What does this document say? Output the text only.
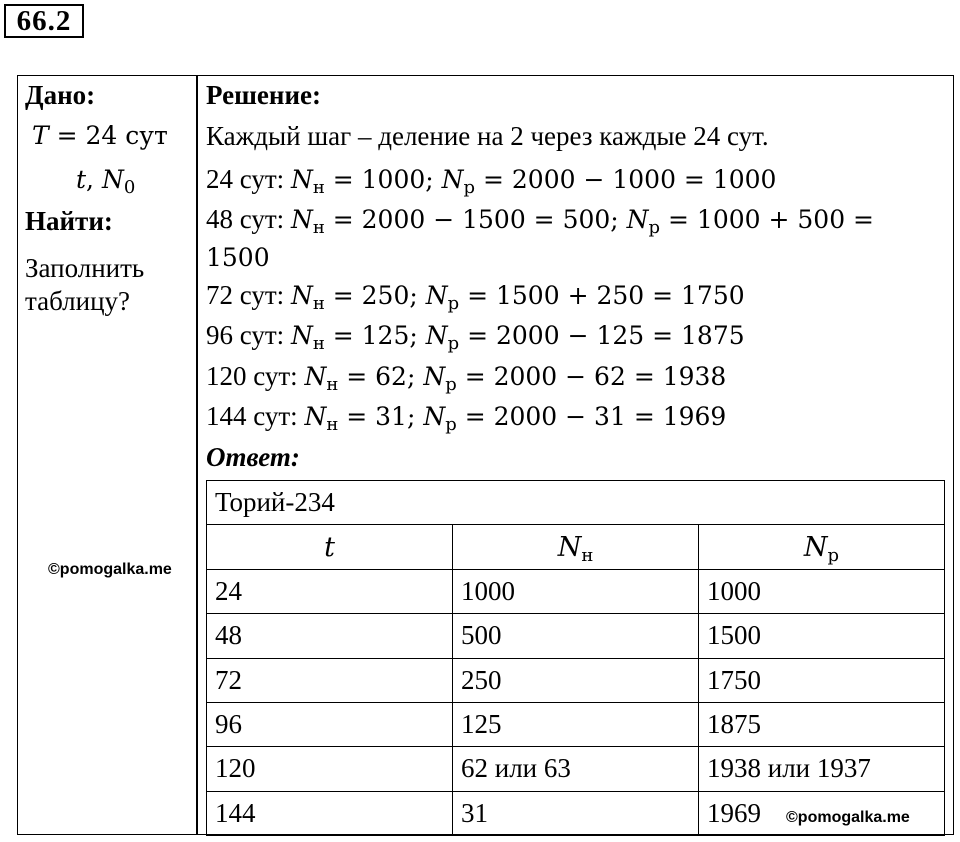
66.2
Дано:
T = 24 сут
t, $N_0$
Найти:
Заполнить
таблицу?
Решение:
Каждый шаг – деление на 2 через каждые 24 сут.
24 сут: $N_н = 1000$; $N_р = 2000 - 1000 = 1000$
48 сут: $N_н = 2000 - 1500 = 500$; $N_р = 1000 + 500$ =
1500
72 сут: $N_н = 250$; $N_р = 1500 + 250 = 1750$
96 сут: $N_н = 125$; $N_р = 2000 - 125 = 1875$
120 сут: $N_н = 62$; $N_р = 2000 - 62 = 1938$
144 сут: $N_н = 31$; $N_р = 2000 - 31 = 1969$
Ответ:
Торий-234		
t	$N_н$	$N_р$
24	1000	1000
48	500	1500
72	250	1750
96	125	1875
120	62 или 63	1938 или 1937
144	31	1969
©pomogalka.me
©pomogalka.me
